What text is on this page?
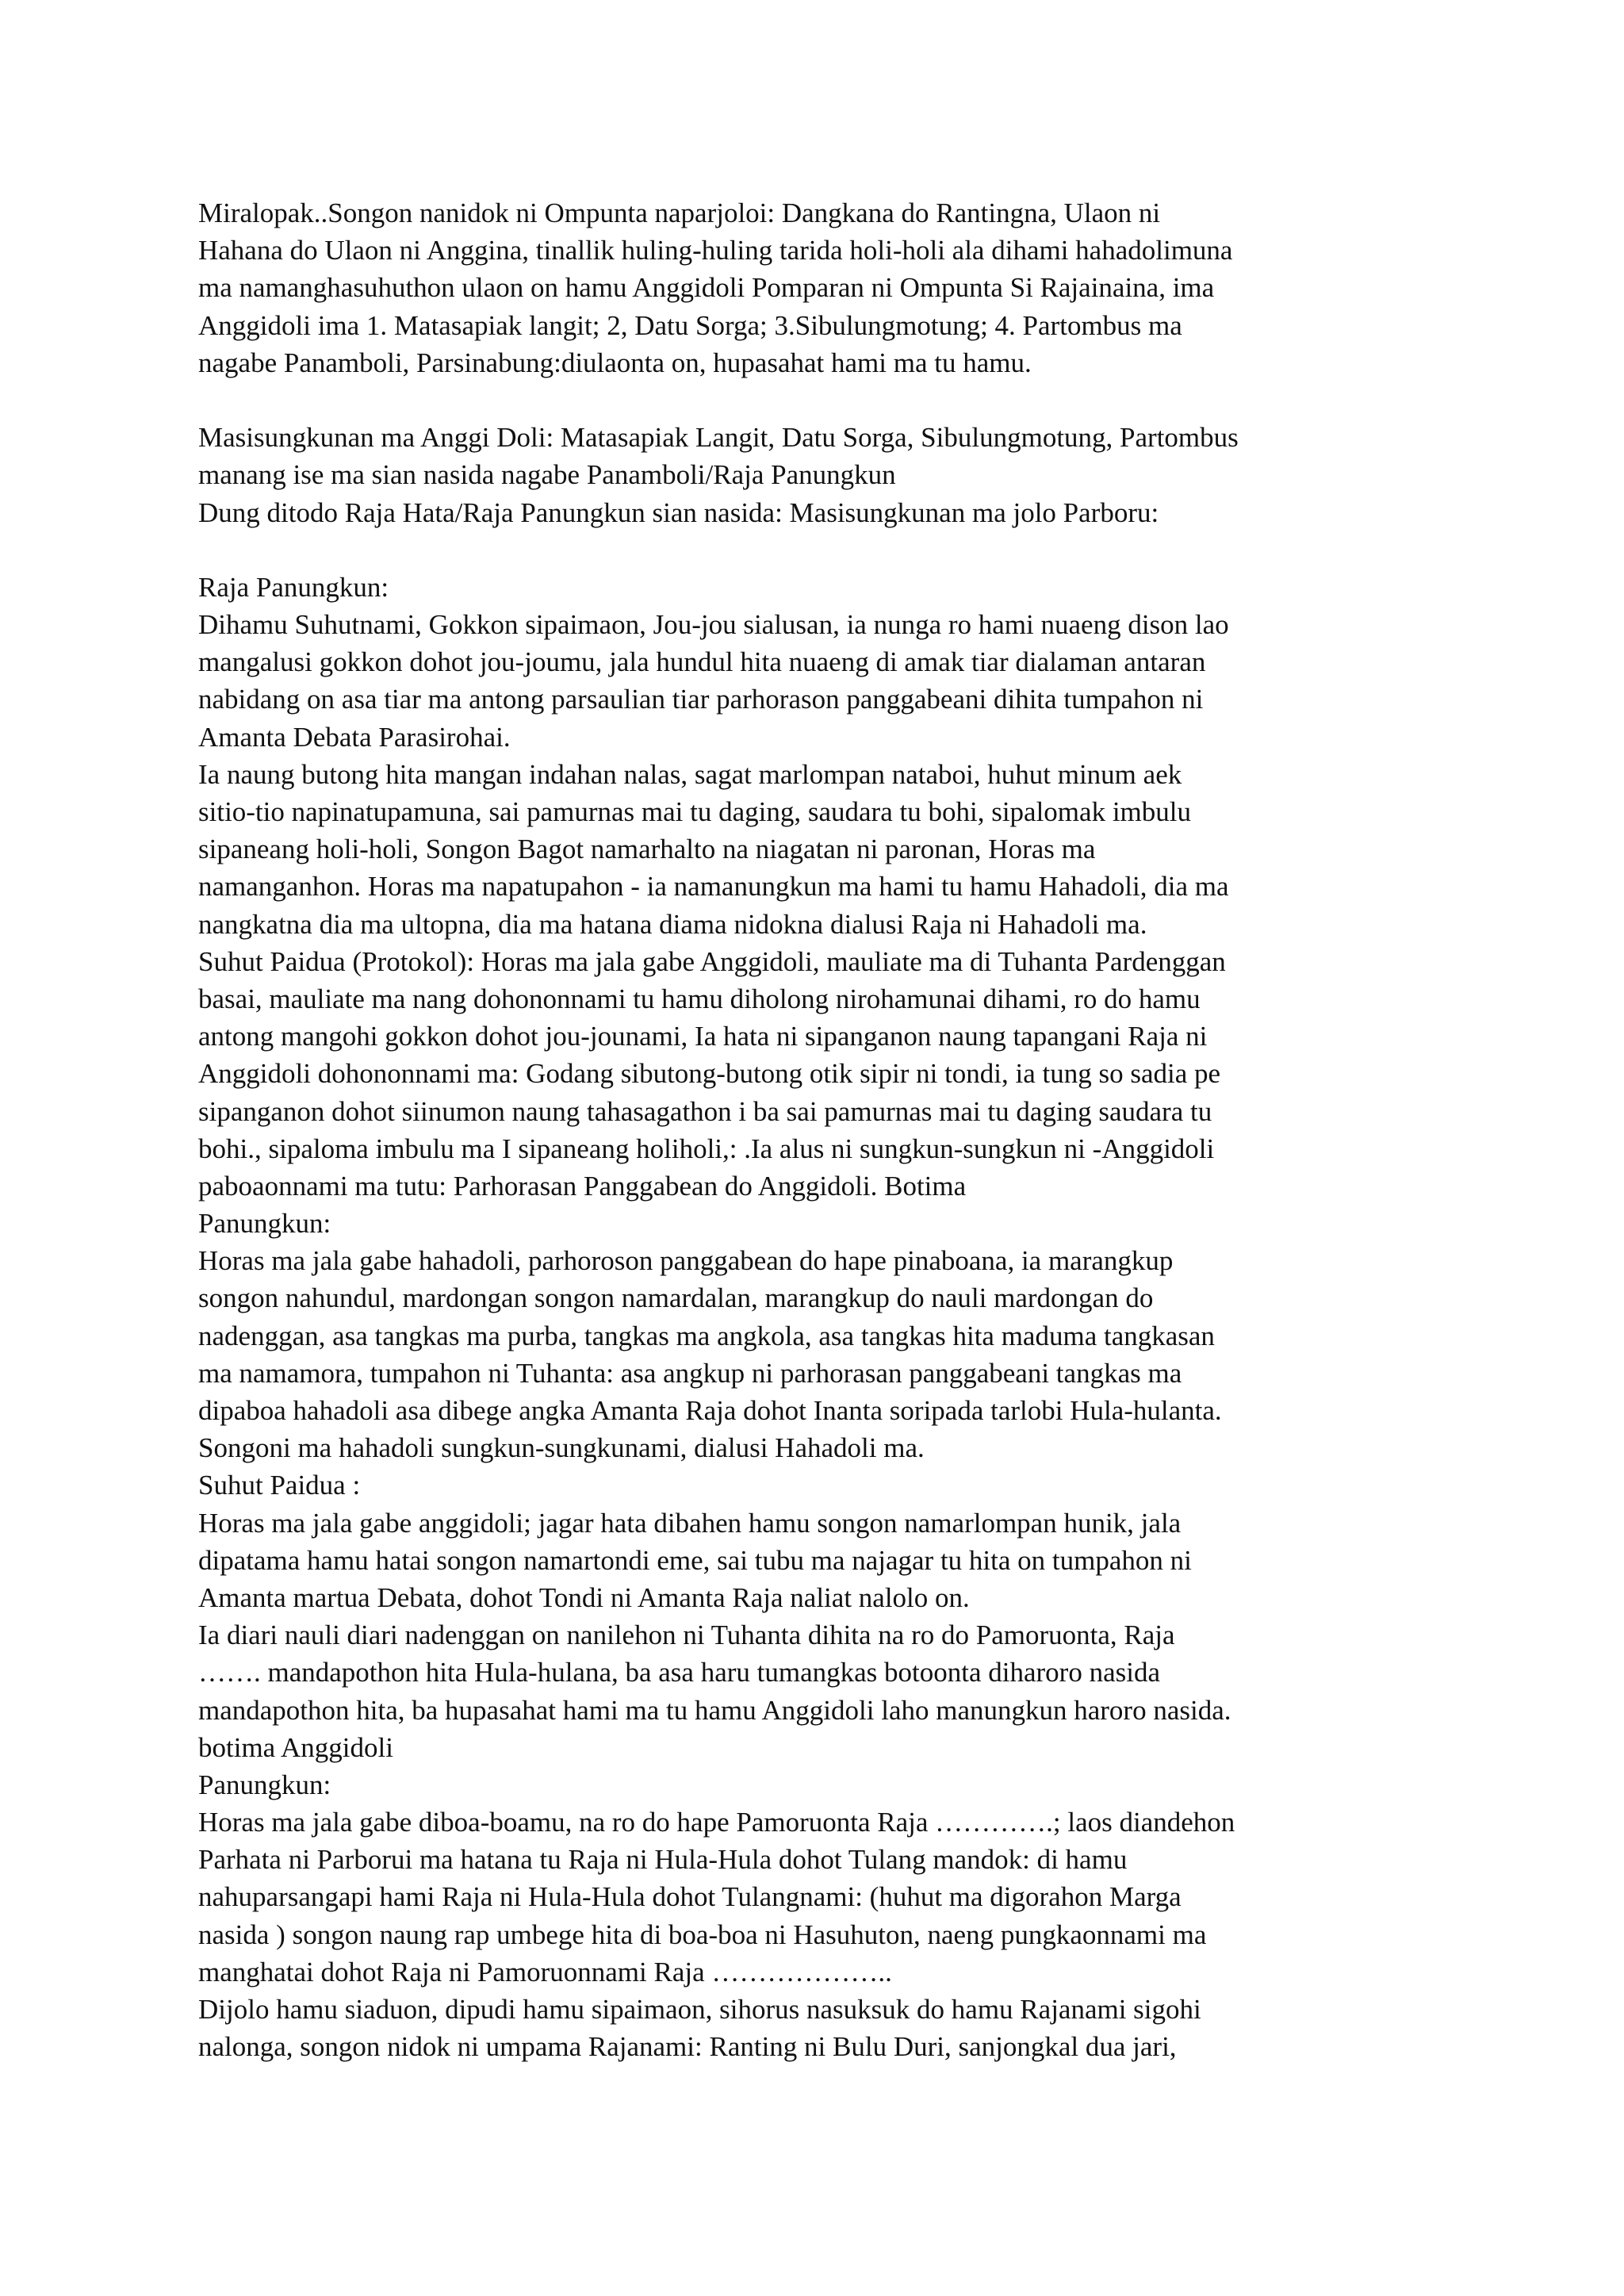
Miralopak..Songon nanidok ni Ompunta naparjoloi: Dangkana do Rantingna, Ulaon ni
Hahana do Ulaon ni Anggina, tinallik huling-huling tarida holi-holi ala dihami hahadolimuna
ma namanghasuhuthon ulaon on hamu Anggidoli Pomparan ni Ompunta Si Rajainaina, ima
Anggidoli ima 1. Matasapiak langit; 2, Datu Sorga; 3.Sibulungmotung; 4. Partombus ma
nagabe Panamboli, Parsinabung:diulaonta on, hupasahat hami ma tu hamu.
Masisungkunan ma Anggi Doli: Matasapiak Langit, Datu Sorga, Sibulungmotung, Partombus
manang ise ma sian nasida nagabe Panamboli/Raja Panungkun
Dung ditodo Raja Hata/Raja Panungkun sian nasida: Masisungkunan ma jolo Parboru:
Raja Panungkun:
Dihamu Suhutnami, Gokkon sipaimaon, Jou-jou sialusan, ia nunga ro hami nuaeng dison lao
mangalusi gokkon dohot jou-joumu, jala hundul hita nuaeng di amak tiar dialaman antaran
nabidang on asa tiar ma antong parsaulian tiar parhorason panggabeani dihita tumpahon ni
Amanta Debata Parasirohai.
Ia naung butong hita mangan indahan nalas, sagat marlompan nataboi, huhut minum aek
sitio-tio napinatupamuna, sai pamurnas mai tu daging, saudara tu bohi, sipalomak imbulu
sipaneang holi-holi, Songon Bagot namarhalto na niagatan ni paronan, Horas ma
namanganhon. Horas ma napatupahon - ia namanungkun ma hami tu hamu Hahadoli, dia ma
nangkatna dia ma ultopna, dia ma hatana diama nidokna dialusi Raja ni Hahadoli ma.
Suhut Paidua (Protokol): Horas ma jala gabe Anggidoli, mauliate ma di Tuhanta Pardenggan
basai, mauliate ma nang dohononnami tu hamu diholong nirohamunai dihami, ro do hamu
antong mangohi gokkon dohot jou-jounami, Ia hata ni sipanganon naung tapangani Raja ni
Anggidoli dohononnami ma: Godang sibutong-butong otik sipir ni tondi, ia tung so sadia pe
sipanganon dohot siinumon naung tahasagathon i ba sai pamurnas mai tu daging saudara tu
bohi., sipaloma imbulu ma I sipaneang holiholi,: .Ia alus ni sungkun-sungkun ni -Anggidoli
paboaonnami ma tutu: Parhorasan Panggabean do Anggidoli. Botima
Panungkun:
Horas ma jala gabe hahadoli, parhoroson panggabean do hape pinaboana, ia marangkup
songon nahundul, mardongan songon namardalan, marangkup do nauli mardongan do
nadenggan, asa tangkas ma purba, tangkas ma angkola, asa tangkas hita maduma tangkasan
ma namamora, tumpahon ni Tuhanta: asa angkup ni parhorasan panggabeani tangkas ma
dipaboa hahadoli asa dibege angka Amanta Raja dohot Inanta soripada tarlobi Hula-hulanta.
Songoni ma hahadoli sungkun-sungkunami, dialusi Hahadoli ma.
Suhut Paidua :
Horas ma jala gabe anggidoli; jagar hata dibahen hamu songon namarlompan hunik, jala
dipatama hamu hatai songon namartondi eme, sai tubu ma najagar tu hita on tumpahon ni
Amanta martua Debata, dohot Tondi ni Amanta Raja naliat nalolo on.
Ia diari nauli diari nadenggan on nanilehon ni Tuhanta dihita na ro do Pamoruonta, Raja
……. mandapothon hita Hula-hulana, ba asa haru tumangkas botoonta diharoro nasida
mandapothon hita, ba hupasahat hami ma tu hamu Anggidoli laho manungkun haroro nasida.
botima Anggidoli
Panungkun:
Horas ma jala gabe diboa-boamu, na ro do hape Pamoruonta Raja ………….; laos diandehon
Parhata ni Parborui ma hatana tu Raja ni Hula-Hula dohot Tulang mandok: di hamu
nahuparsangapi hami Raja ni Hula-Hula dohot Tulangnami: (huhut ma digorahon Marga
nasida ) songon naung rap umbege hita di boa-boa ni Hasuhuton, naeng pungkaonnami ma
manghatai dohot Raja ni Pamoruonnami Raja ………………..
Dijolo hamu siaduon, dipudi hamu sipaimaon, sihorus nasuksuk do hamu Rajanami sigohi
nalonga, songon nidok ni umpama Rajanami: Ranting ni Bulu Duri, sanjongkal dua jari,
